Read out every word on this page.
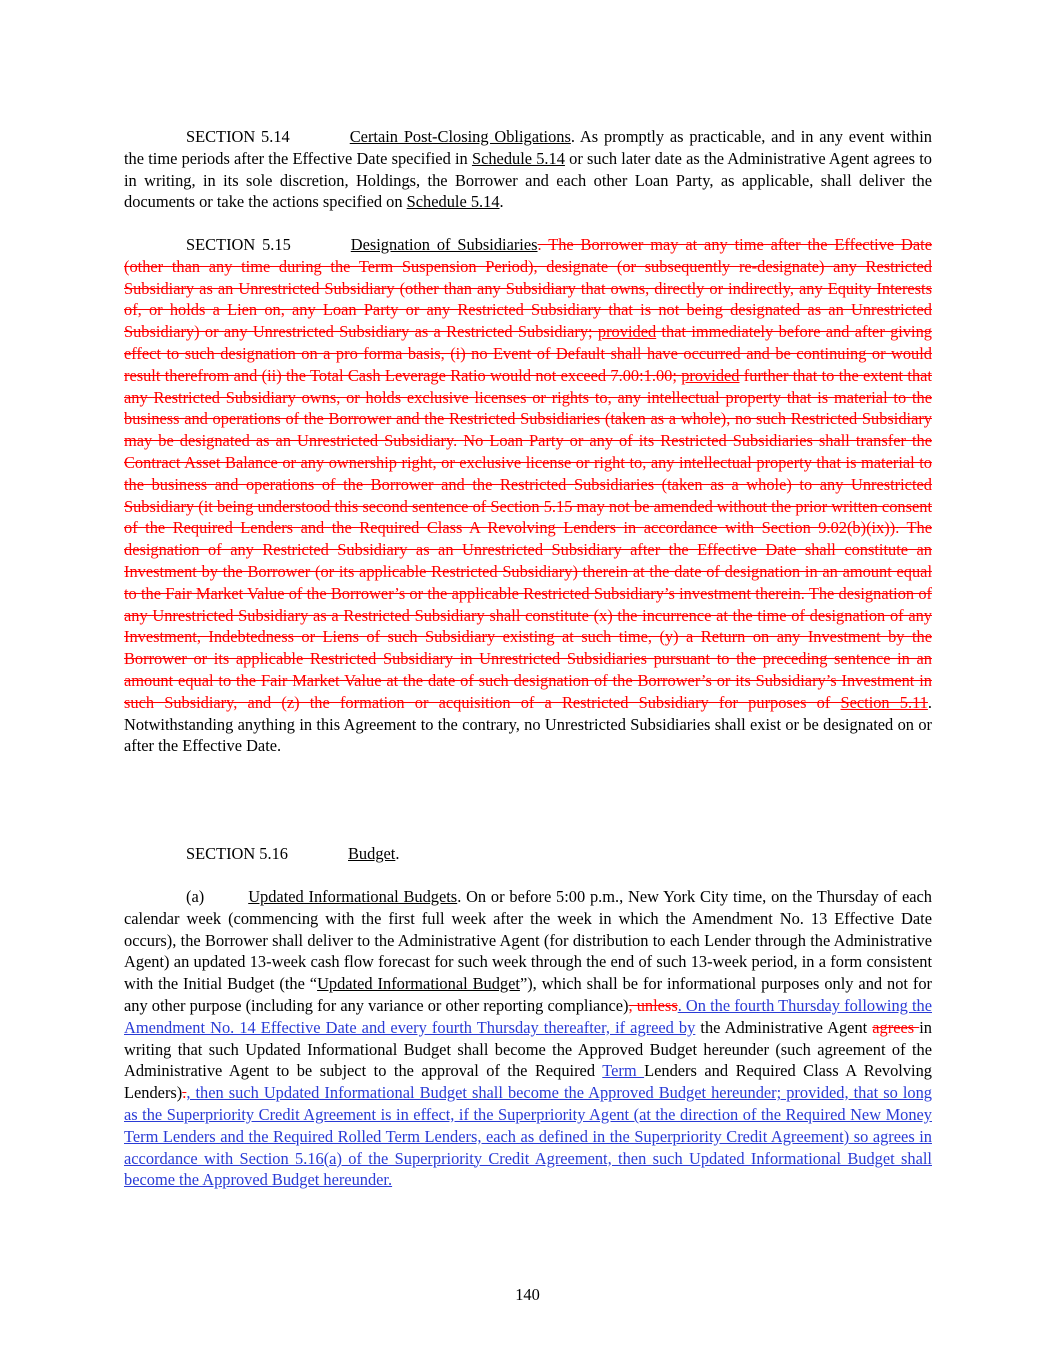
SECTION 5.14	Certain Post-Closing Obligations. As promptly as practicable, and in any event within the time periods after the Effective Date specified in Schedule 5.14 or such later date as the Administrative Agent agrees to in writing, in its sole discretion, Holdings, the Borrower and each other Loan Party, as applicable, shall deliver the documents or take the actions specified on Schedule 5.14.

SECTION 5.15	Designation of Subsidiaries. The Borrower may at any time after the Effective Date (other than any time during the Term Suspension Period), designate (or subsequently re-designate) any Restricted Subsidiary as an Unrestricted Subsidiary (other than any Subsidiary that owns, directly or indirectly, any Equity Interests of, or holds a Lien on, any Loan Party or any Restricted Subsidiary that is not being designated as an Unrestricted Subsidiary) or any Unrestricted Subsidiary as a Restricted Subsidiary; provided that immediately before and after giving effect to such designation on a pro forma basis, (i) no Event of Default shall have occurred and be continuing or would result therefrom and (ii) the Total Cash Leverage Ratio would not exceed 7.00:1.00; provided further that to the extent that any Restricted Subsidiary owns, or holds exclusive licenses or rights to, any intellectual property that is material to the business and operations of the Borrower and the Restricted Subsidiaries (taken as a whole), no such Restricted Subsidiary may be designated as an Unrestricted Subsidiary. No Loan Party or any of its Restricted Subsidiaries shall transfer the Contract Asset Balance or any ownership right, or exclusive license or right to, any intellectual property that is material to the business and operations of the Borrower and the Restricted Subsidiaries (taken as a whole) to any Unrestricted Subsidiary (it being understood this second sentence of Section 5.15 may not be amended without the prior written consent of the Required Lenders and the Required Class A Revolving Lenders in accordance with Section 9.02(b)(ix)). The designation of any Restricted Subsidiary as an Unrestricted Subsidiary after the Effective Date shall constitute an Investment by the Borrower (or its applicable Restricted Subsidiary) therein at the date of designation in an amount equal to the Fair Market Value of the Borrower’s or the applicable Restricted Subsidiary’s investment therein. The designation of any Unrestricted Subsidiary as a Restricted Subsidiary shall constitute (x) the incurrence at the time of designation of any Investment, Indebtedness or Liens of such Subsidiary existing at such time, (y) a Return on any Investment by the Borrower or its applicable Restricted Subsidiary in Unrestricted Subsidiaries pursuant to the preceding sentence in an amount equal to the Fair Market Value at the date of such designation of the Borrower’s or its Subsidiary’s Investment in such Subsidiary, and (z) the formation or acquisition of a Restricted Subsidiary for purposes of Section 5.11. Notwithstanding anything in this Agreement to the contrary, no Unrestricted Subsidiaries shall exist or be designated on or after the Effective Date.

SECTION 5.16	Budget.

(a)	Updated Informational Budgets. On or before 5:00 p.m., New York City time, on the Thursday of each calendar week (commencing with the first full week after the week in which the Amendment No. 13 Effective Date occurs), the Borrower shall deliver to the Administrative Agent (for distribution to each Lender through the Administrative Agent) an updated 13-week cash flow forecast for such week through the end of such 13-week period, in a form consistent with the Initial Budget (the “Updated Informational Budget”), which shall be for informational purposes only and not for any other purpose (including for any variance or other reporting compliance), unless. On the fourth Thursday following the Amendment No. 14 Effective Date and every fourth Thursday thereafter, if agreed by the Administrative Agent agrees in writing that such Updated Informational Budget shall become the Approved Budget hereunder (such agreement of the Administrative Agent to be subject to the approval of the Required Term Lenders and Required Class A Revolving Lenders)., then such Updated Informational Budget shall become the Approved Budget hereunder; provided, that so long as the Superpriority Credit Agreement is in effect, if the Superpriority Agent (at the direction of the Required New Money Term Lenders and the Required Rolled Term Lenders, each as defined in the Superpriority Credit Agreement) so agrees in accordance with Section 5.16(a) of the Superpriority Credit Agreement, then such Updated Informational Budget shall become the Approved Budget hereunder.

140
